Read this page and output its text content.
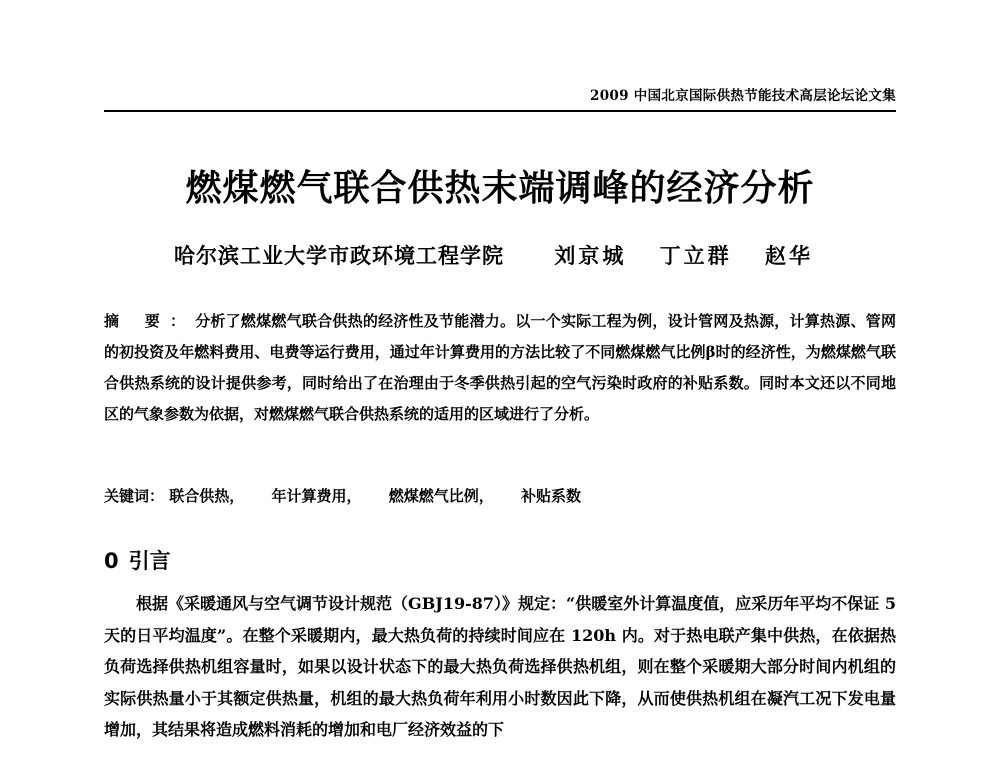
2009 中国北京国际供热节能技术高层论坛论文集
燃煤燃气联合供热末端调峰的经济分析
哈尔滨工业大学市政环境工程学院 刘京城 丁立群 赵华
摘 要：分析了燃煤燃气联合供热的经济性及节能潜力。以一个实际工程为例，设计管网及热源，计算热源、管网的初投资及年燃料费用、电费等运行费用，通过年计算费用的方法比较了不同燃煤燃气比例β时的经济性，为燃煤燃气联合供热系统的设计提供参考，同时给出了在治理由于冬季供热引起的空气污染时政府的补贴系数。同时本文还以不同地区的气象参数为依据，对燃煤燃气联合供热系统的适用的区域进行了分析。
关键词： 联合供热， 年计算费用， 燃煤燃气比例， 补贴系数
0 引言
根据《采暖通风与空气调节设计规范（GBJ19-87）》规定：“供暖室外计算温度值，应采历年平均不保证 5 天的日平均温度”。在整个采暖期内，最大热负荷的持续时间应在 120h 内。对于热电联产集中供热，在依据热负荷选择供热机组容量时，如果以设计状态下的最大热负荷选择供热机组，则在整个采暖期大部分时间内机组的实际供热量小于其额定供热量，机组的最大热负荷年利用小时数因此下降，从而使供热机组在凝汽工况下发电量增加，其结果将造成燃料消耗的增加和电厂经济效益的下
